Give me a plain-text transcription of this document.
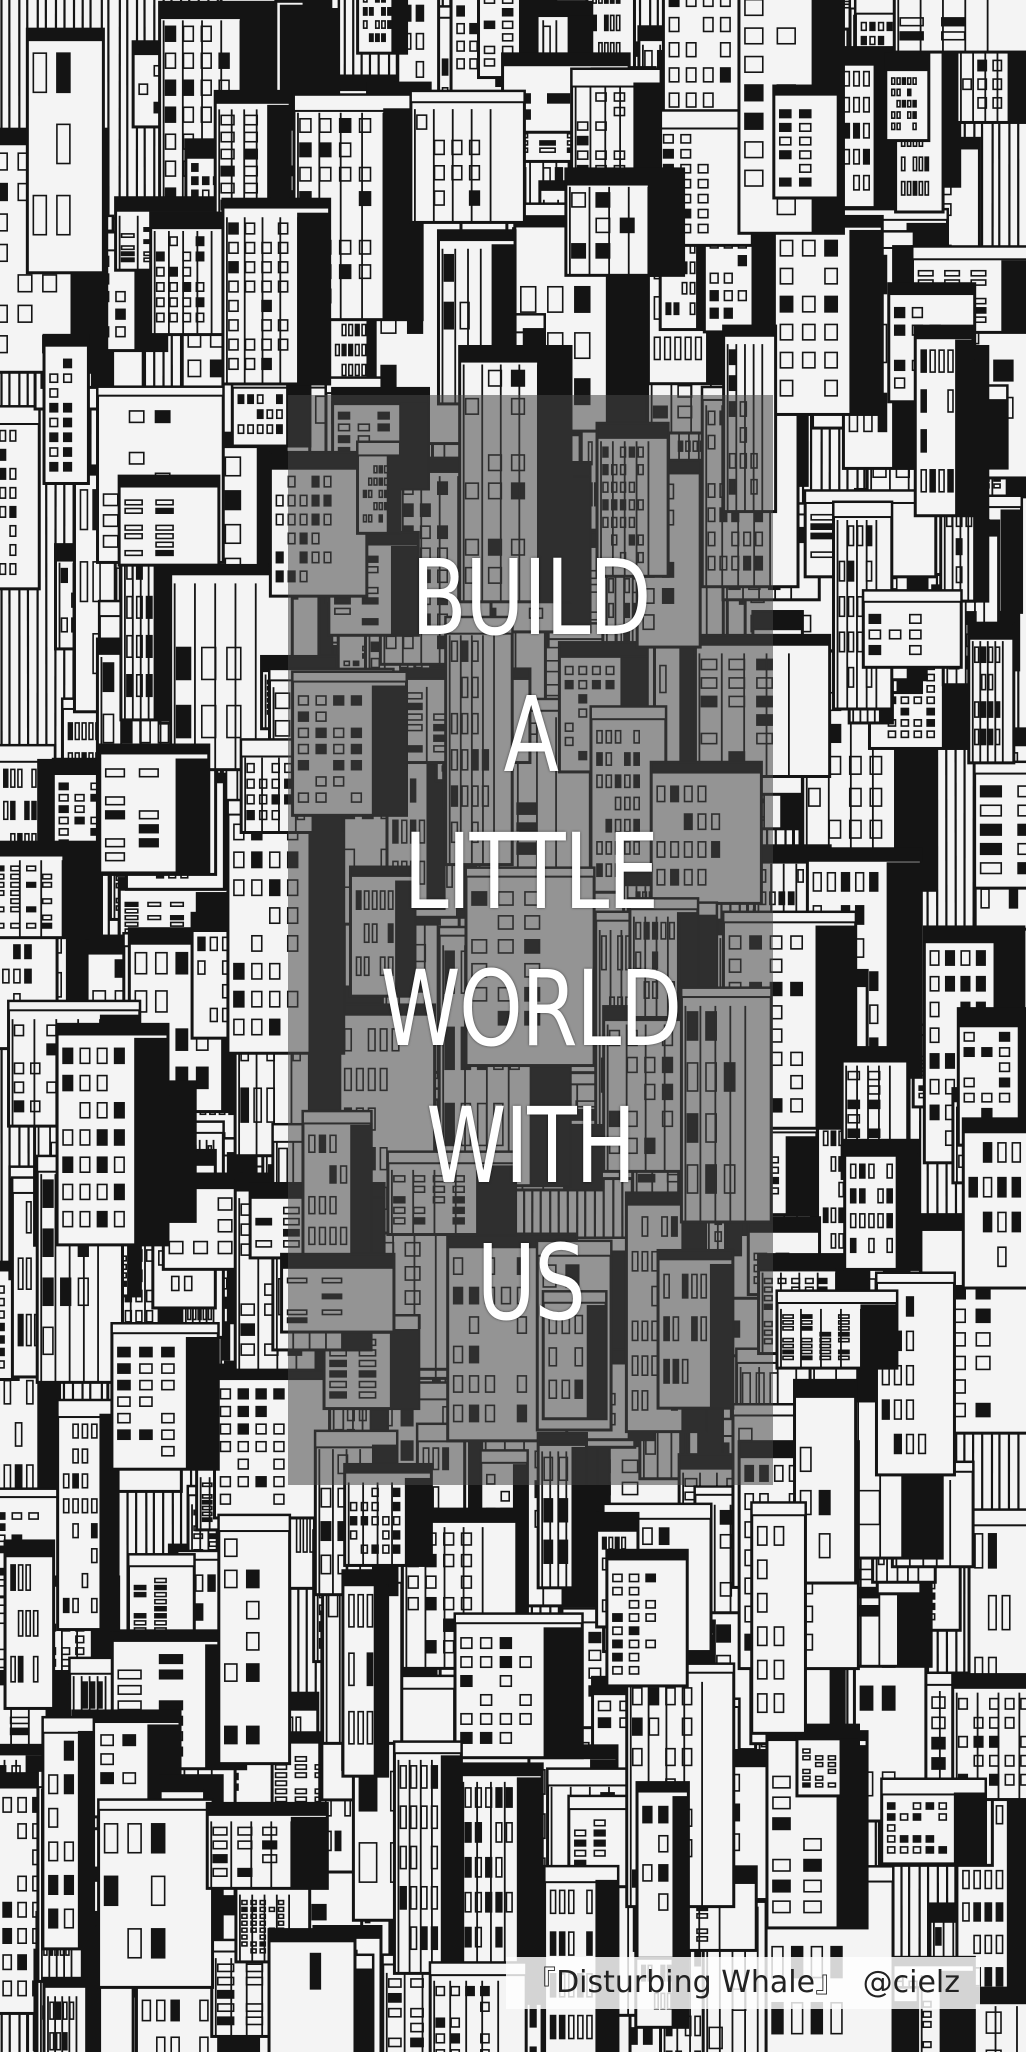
BUILD
A
LITTLE
WORLD
WITH
US
『Disturbing Whale』 @cielz
